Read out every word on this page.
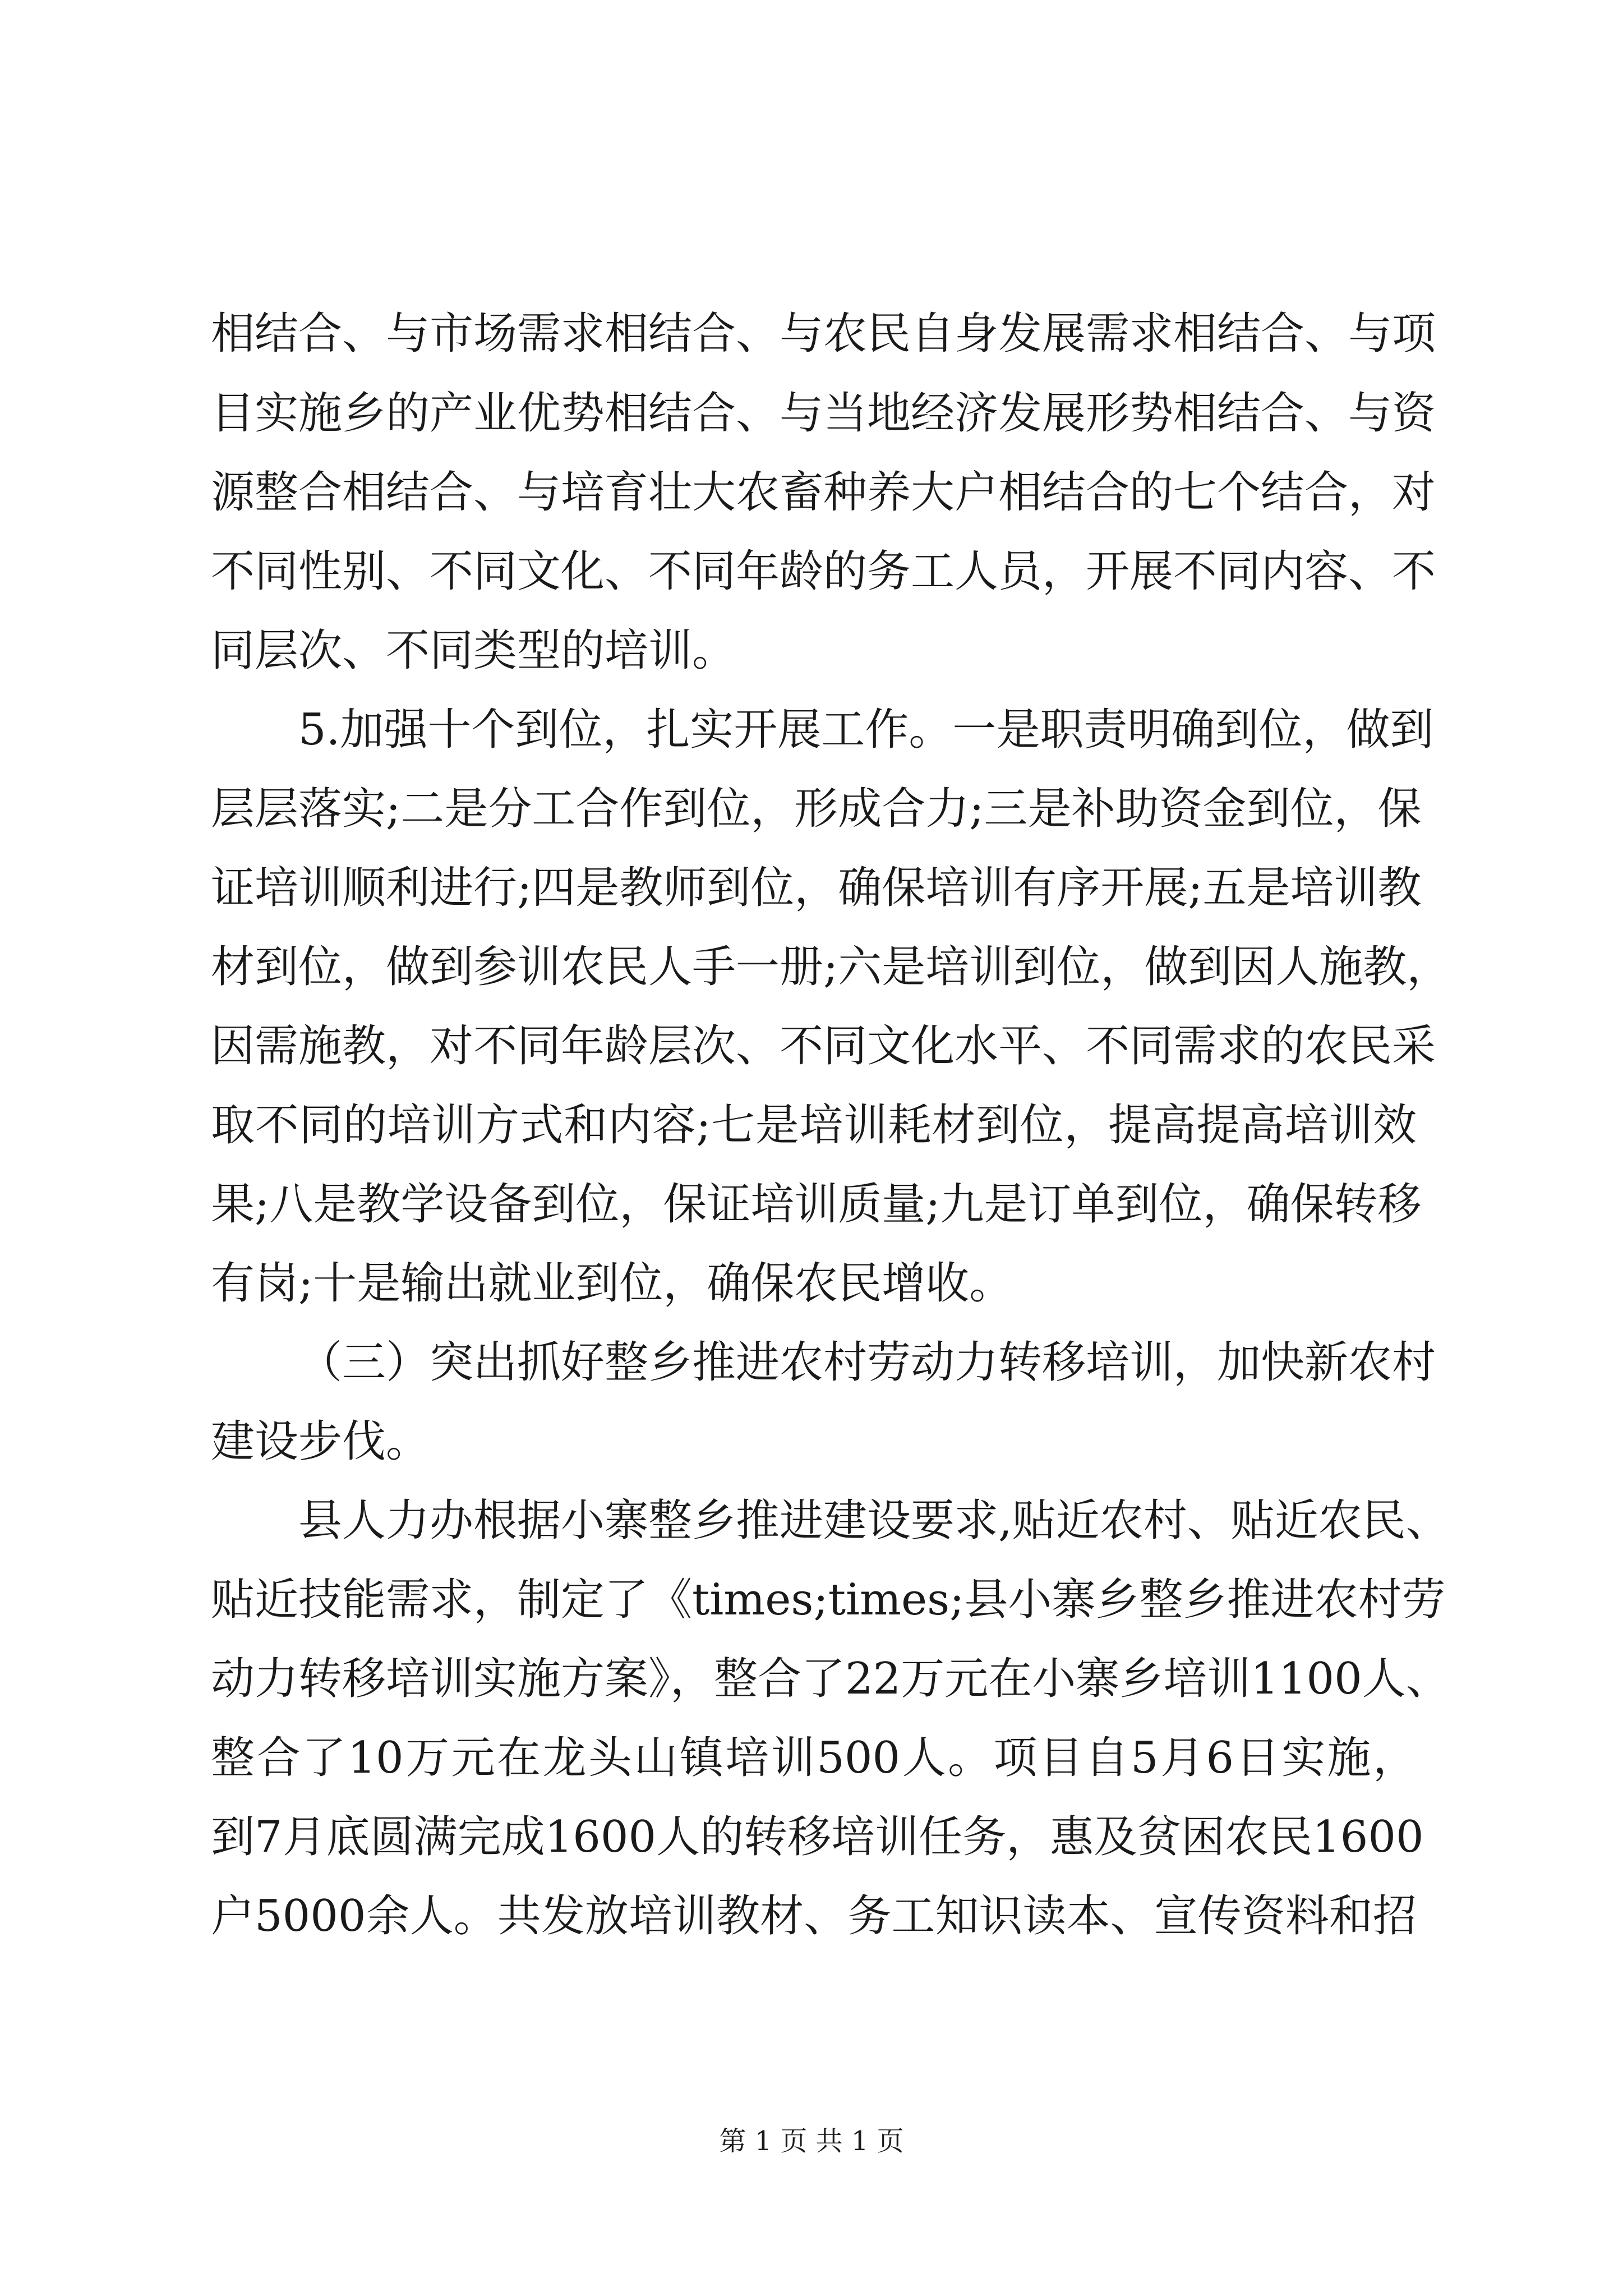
相结合、与市场需求相结合、与农民自身发展需求相结合、与项
目实施乡的产业优势相结合、与当地经济发展形势相结合、与资
源整合相结合、与培育壮大农畜种养大户相结合的七个结合，对
不同性别、不同文化、不同年龄的务工人员，开展不同内容、不
同层次、不同类型的培训。
5.加强十个到位，扎实开展工作。一是职责明确到位，做到
层层落实;二是分工合作到位，形成合力;三是补助资金到位，保
证培训顺利进行;四是教师到位，确保培训有序开展;五是培训教
材到位，做到参训农民人手一册;六是培训到位，做到因人施教，
因需施教，对不同年龄层次、不同文化水平、不同需求的农民采
取不同的培训方式和内容;七是培训耗材到位，提高提高培训效
果;八是教学设备到位，保证培训质量;九是订单到位，确保转移
有岗;十是输出就业到位，确保农民增收。
（三）突出抓好整乡推进农村劳动力转移培训，加快新农村
建设步伐。
县人力办根据小寨整乡推进建设要求,贴近农村、贴近农民、
贴近技能需求，制定了《times;times;县小寨乡整乡推进农村劳
动力转移培训实施方案》，整合了22万元在小寨乡培训1100人、
整合了10万元在龙头山镇培训500人。项目自5月6日实施，
到7月底圆满完成1600人的转移培训任务，惠及贫困农民1600
户5000余人。共发放培训教材、务工知识读本、宣传资料和招
第 1 页 共 1 页
